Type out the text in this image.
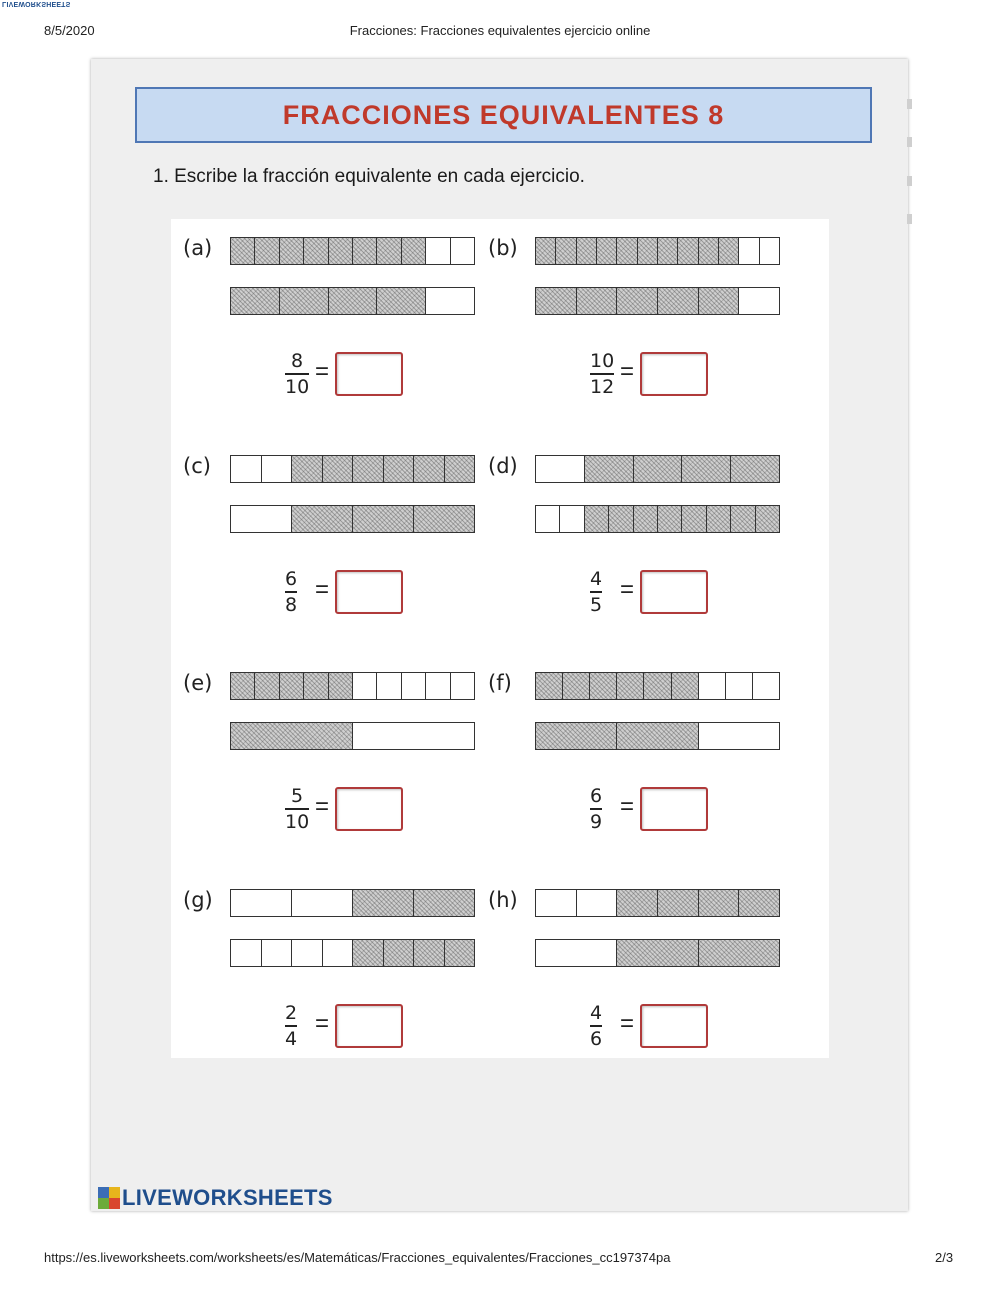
LIVEWORKSHEETS
8/5/2020	Fracciones: Fracciones equivalentes ejercicio online
FRACCIONES EQUIVALENTES 8
1. Escribe la fracción equivalente en cada ejercicio.
(a)
8
10
=
(b)
10
12
=
(c)
6
8
=
(d)
4
5
=
(e)
5
10
=
(f)
6
9
=
(g)
2
4
=
(h)
4
6
=
LIVEWORKSHEETS
https://es.liveworksheets.com/worksheets/es/Matemáticas/Fracciones_equivalentes/Fracciones_cc197374pa	2/3
